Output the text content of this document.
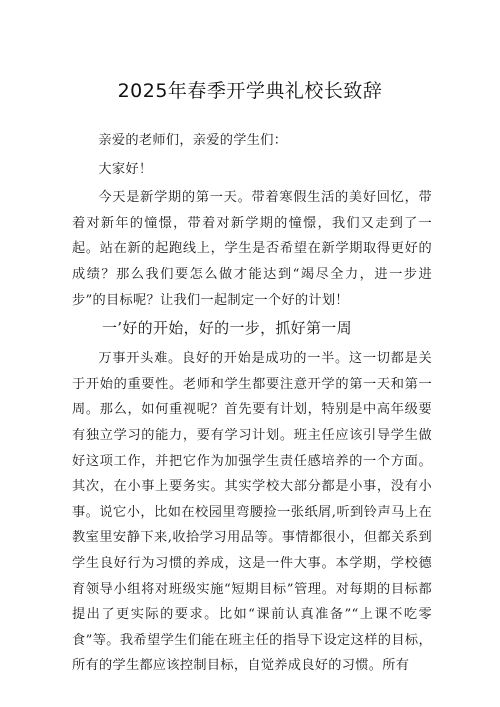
2025年春季开学典礼校长致辞

亲爱的老师们，亲爱的学生们：

大家好！

今天是新学期的第一天。带着寒假生活的美好回忆，带着对新年的憧憬，带着对新学期的憧憬，我们又走到了一起。站在新的起跑线上，学生是否希望在新学期取得更好的成绩？那么我们要怎么做才能达到“竭尽全力，进一步进步”的目标呢？让我们一起制定一个好的计划！

一’好的开始，好的一步，抓好第一周

万事开头难。良好的开始是成功的一半。这一切都是关于开始的重要性。老师和学生都要注意开学的第一天和第一周。那么，如何重视呢？首先要有计划，特别是中高年级要有独立学习的能力，要有学习计划。班主任应该引导学生做好这项工作，并把它作为加强学生责任感培养的一个方面。其次，在小事上要务实。其实学校大部分都是小事，没有小事。说它小，比如在校园里弯腰捡一张纸屑,听到铃声马上在教室里安静下来,收拾学习用品等。事情都很小，但都关系到学生良好行为习惯的养成，这是一件大事。本学期，学校德育领导小组将对班级实施“短期目标”管理。对每期的目标都提出了更实际的要求。比如“课前认真准备”“上课不吃零食”等。我希望学生们能在班主任的指导下设定这样的目标，所有的学生都应该控制目标，自觉养成良好的习惯。所有
